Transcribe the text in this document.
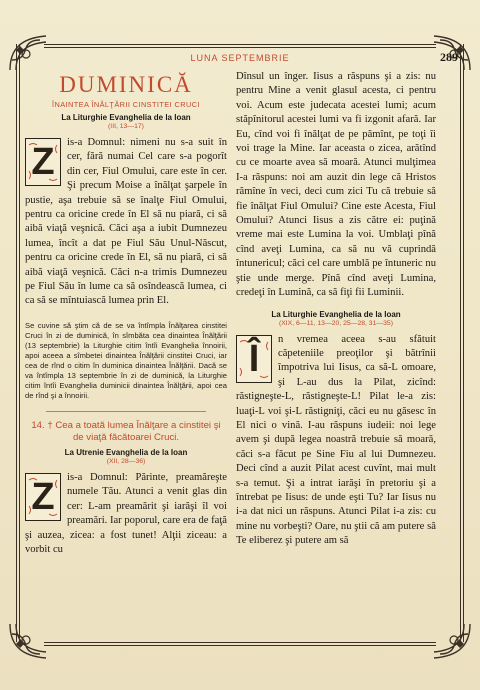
LUNA SEPTEMBRIE	289
DUMINICĂ
ÎNAINTEA ÎNĂLŢĂRII CINSTITEI CRUCI
La Liturghie Evanghelia de la Ioan
(III, 13—17)

Z	is-a Domnul: nimeni nu s-a suit în cer, fără numai Cel care s-a pogorît din cer, Fiul Omului, care este în cer. Şi precum Moise a înălţat şarpele în pustie, aşa trebuie să se înalţe Fiul Omului, pentru ca oricine crede în El să nu piară, ci să aibă viaţă veşnică. Căci aşa a iubit Dumnezeu lumea, încît a dat pe Fiul Său Unul-Născut, pentru ca oricine crede în El, să nu piară, ci să aibă viaţă veşnică. Căci n-a trimis Dumnezeu pe Fiul Său în lume ca să osîndească lumea, ci ca să se mîntuiască lumea prin El.

Se cuvine să ştim că de se va întîmpla Înălţarea cinstitei Cruci în zi de duminică, în sîmbăta cea dinaintea Înălţării (13 septembrie) la Liturghie citim întîi Evanghelia înnoirii, apoi aceea a sîmbetei dinaintea Înălţării cinstitei Cruci, iar cea de rînd o citim în duminica dinaintea Înălţării. Dacă se va întîmpla 13 septembrie în zi de duminică, la Liturghie citim întîi Evanghelia duminicii dinaintea Înălţării, apoi cea de rînd şi a înnoirii.

14. † Cea a toată lumea Înălţare a cinstitei şi de viaţă făcătoarei Cruci.
La Utrenie Evanghelia de la Ioan
(XII, 28—36)

Z	is-a Domnul: Părinte, preamăreşte numele Tău. Atunci a venit glas din cer: L-am preamărit şi iarăşi îl voi preamări. Iar poporul, care era de faţă şi auzea, zicea: a fost tunet! Alţii ziceau: a vorbit cu

Dînsul un înger. Iisus a răspuns şi a zis: nu pentru Mine a venit glasul acesta, ci pentru voi. Acum este judecata acestei lumi; acum stăpînitorul acestei lumi va fi izgonit afară. Iar Eu, cînd voi fi înălţat de pe pămînt, pe toţi îi voi trage la Mine. Iar aceasta o zicea, arătînd cu ce moarte avea să moară. Atunci mulţimea I-a răspuns: noi am auzit din lege că Hristos rămîne în veci, deci cum zici Tu că trebuie să fie înălţat Fiul Omului? Cine este Acesta, Fiul Omului? Atunci Iisus a zis către ei: puţină vreme mai este Lumina la voi. Umblaţi pînă cînd aveţi Lumina, ca să nu vă cuprindă întunericul; căci cel care umblă pe întuneric nu ştie unde merge. Pînă cînd aveţi Lumina, credeţi în Lumină, ca să fiţi fii Luminii.

La Liturghie Evanghelia de la Ioan
(XIX, 6—11, 13—20, 25—28, 31—35)

Î	n vremea aceea s-au sfătuit căpeteniile preoţilor şi bătrînii împotriva lui Iisus, ca să-L omoare, şi L-au dus la Pilat, zicînd: răstigneşte-L, răstigneşte-L! Pilat le-a zis: luaţi-L voi şi-L răstigniţi, căci eu nu găsesc în El nici o vină. I-au răspuns iudeii: noi lege avem şi după legea noastră trebuie să moară, căci s-a făcut pe Sine Fiu al lui Dumnezeu. Deci cînd a auzit Pilat acest cuvînt, mai mult s-a temut. Şi a intrat iarăşi în pretoriu şi a întrebat pe Iisus: de unde eşti Tu? Iar Iisus nu i-a dat nici un răspuns. Atunci Pilat i-a zis: cu mine nu vorbeşti? Oare, nu ştii că am putere să Te eliberez şi putere am să
